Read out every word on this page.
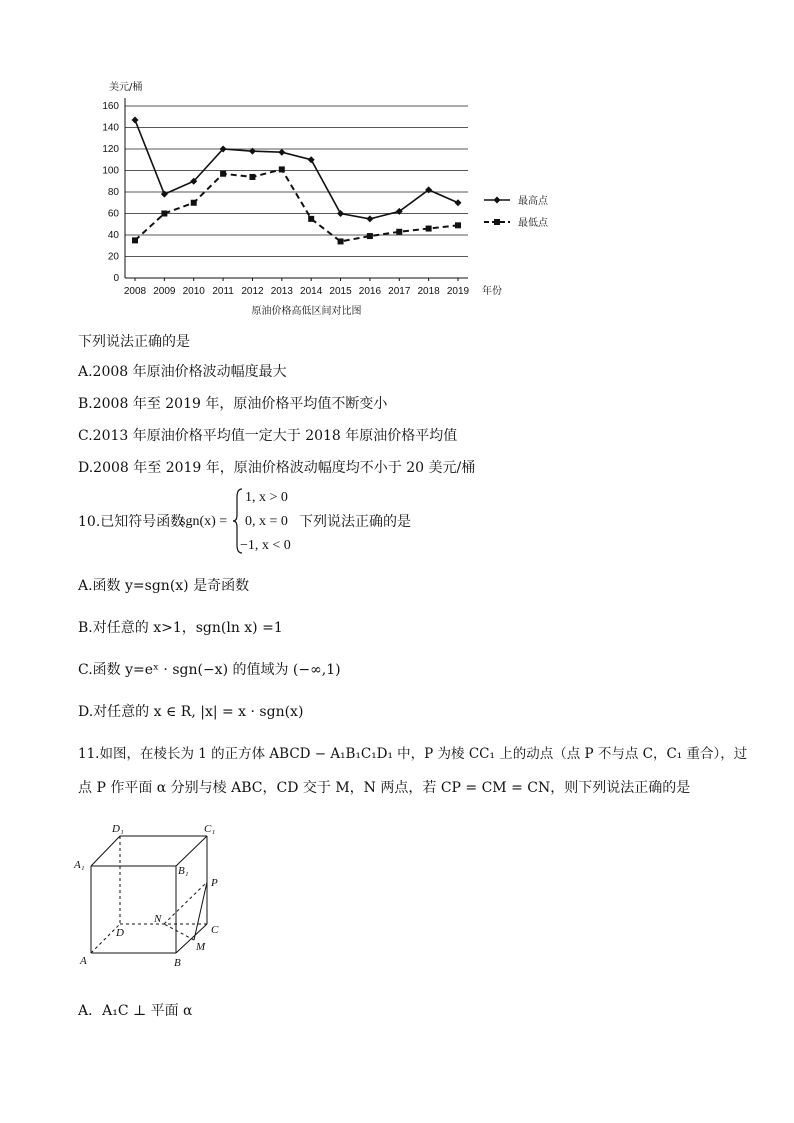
0
20
40
60
80
100
120
140
160
美元/桶
2008 2009 2010 2011 2012 2013 2014 2015 2016 2017 2018 2019 年份
原油价格高低区间对比图
最高点
最低点
下列说法正确的是
A.2008 年原油价格波动幅度最大
B.2008 年至 2019 年，原油价格平均值不断变小
C.2013 年原油价格平均值一定大于 2018 年原油价格平均值
D.2008 年至 2019 年，原油价格波动幅度均不小于 20 美元/桶
10.已知符号函数
sgn(x) =
1, x > 0
0, x = 0
−1, x < 0
下列说法正确的是
A.函数 y=sgn(x) 是奇函数
B.对任意的 x>1，sgn(ln x) =1
C.函数 y=eˣ · sgn(−x) 的值域为 (−∞,1)
D.对任意的 x ∈ R, |x| = x · sgn(x)
11.如图，在棱长为 1 的正方体 ABCD − A₁B₁C₁D₁ 中，P 为棱 CC₁ 上的动点（点 P 不与点 C，C₁ 重合），过
点 P 作平面 α 分别与棱 ABC，CD 交于 M，N 两点，若 CP = CM = CN，则下列说法正确的是
D₁	C₁
A₁	B₁
P
N
D	C
M
A	B
A．A₁C ⊥ 平面 α
